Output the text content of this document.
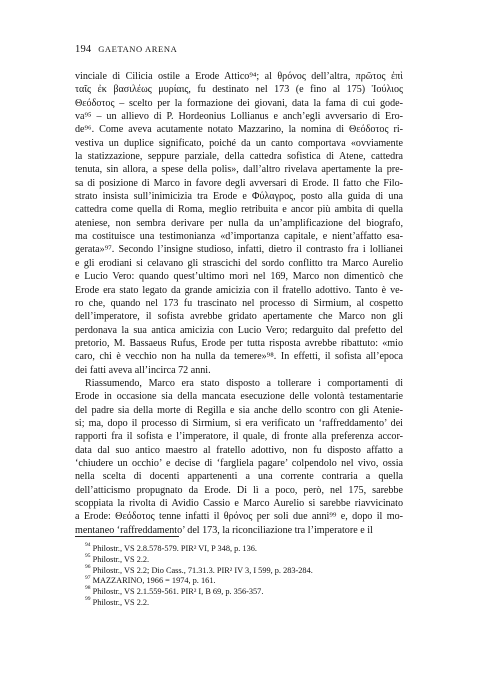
194 GAETANO ARENA

vinciale di Cilicia ostile a Erode Attico⁹⁴; al θρόνος dell’altra, πρῶτος ἐπὶ
ταῖς ἐκ βασιλέως μυρίαις, fu destinato nel 173 (e fino al 175) Ἰούλιος
Θεόδοτος – scelto per la formazione dei giovani, data la fama di cui gode-
va⁹⁵ – un allievo di P. Hordeonius Lollianus e anch’egli avversario di Ero-
de⁹⁶. Come aveva acutamente notato Mazzarino, la nomina di Θεόδοτος ri-
vestiva un duplice significato, poiché da un canto comportava «ovviamente
la statizzazione, seppure parziale, della cattedra sofistica di Atene, cattedra
tenuta, sin allora, a spese della polis», dall’altro rivelava apertamente la pre-
sa di posizione di Marco in favore degli avversari di Erode. Il fatto che Filo-
strato insista sull’inimicizia tra Erode e Φύλαγρος, posto alla guida di una
cattedra come quella di Roma, meglio retribuita e ancor più ambita di quella
ateniese, non sembra derivare per nulla da un’amplificazione del biografo,
ma costituisce una testimonianza «d’importanza capitale, e nient’affatto esa-
gerata»⁹⁷. Secondo l’insigne studioso, infatti, dietro il contrasto fra i lollianei
e gli erodiani si celavano gli strascichi del sordo conflitto tra Marco Aurelio
e Lucio Vero: quando quest’ultimo morì nel 169, Marco non dimenticò che
Erode era stato legato da grande amicizia con il fratello adottivo. Tanto è ve-
ro che, quando nel 173 fu trascinato nel processo di Sirmium, al cospetto
dell’imperatore, il sofista avrebbe gridato apertamente che Marco non gli
perdonava la sua antica amicizia con Lucio Vero; redarguito dal prefetto del
pretorio, M. Bassaeus Rufus, Erode per tutta risposta avrebbe ribattuto: «mio
caro, chi è vecchio non ha nulla da temere»⁹⁸. In effetti, il sofista all’epoca
dei fatti aveva all’incirca 72 anni.

Riassumendo, Marco era stato disposto a tollerare i comportamenti di
Erode in occasione sia della mancata esecuzione delle volontà testamentarie
del padre sia della morte di Regilla e sia anche dello scontro con gli Atenie-
si; ma, dopo il processo di Sirmium, si era verificato un ‘raffreddamento’ dei
rapporti fra il sofista e l’imperatore, il quale, di fronte alla preferenza accor-
data dal suo antico maestro al fratello adottivo, non fu disposto affatto a
‘chiudere un occhio’ e decise di ‘fargliela pagare’ colpendolo nel vivo, ossia
nella scelta di docenti appartenenti a una corrente contraria a quella
dell’atticismo propugnato da Erode. Di lì a poco, però, nel 175, sarebbe
scoppiata la rivolta di Avidio Cassio e Marco Aurelio si sarebbe riavvicinato
a Erode: Θεόδοτος tenne infatti il θρόνος per soli due anni⁹⁹ e, dopo il mo-
mentaneo ‘raffreddamento’ del 173, la riconciliazione tra l’imperatore e il

$^{94}$ Philostr., VS 2.8.578-579. PIR² VI, P 348, p. 136.
$^{95}$ Philostr., VS 2.2.
$^{96}$ Philostr., VS 2.2; Dio Cass., 71.31.3. PIR² IV 3, I 599, p. 283-284.
$^{97}$ MAZZARINO, 1966 = 1974, p. 161.
$^{98}$ Philostr., VS 2.1.559-561. PIR² I, B 69, p. 356-357.
$^{99}$ Philostr., VS 2.2.
